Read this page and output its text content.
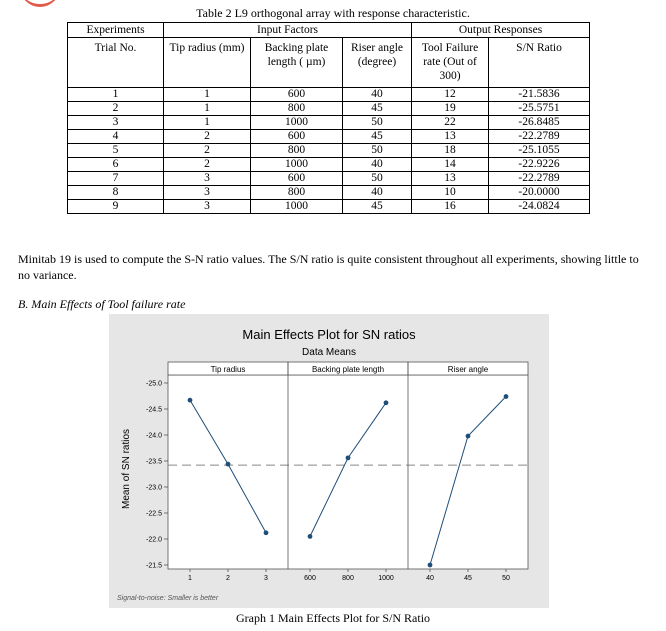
Table 2 L9 orthogonal array with response characteristic.
Experiments	Input Factors			Output Responses	
Trial No.	Tip radius (mm)	Backing plate length ( µm)	Riser angle (degree)	Tool Failure rate (Out of 300)	S/N Ratio
1	1	600	40	12	-21.5836
2	1	800	45	19	-25.5751
3	1	1000	50	22	-26.8485
4	2	600	45	13	-22.2789
5	2	800	50	18	-25.1055
6	2	1000	40	14	-22.9226
7	3	600	50	13	-22.2789
8	3	800	40	10	-20.0000
9	3	1000	45	16	-24.0824
Minitab 19 is used to compute the S-N ratio values. The S/N ratio is quite consistent throughout all experiments, showing little to no variance.
B. Main Effects of Tool failure rate
Main Effects Plot for SN ratios
Data Means
Mean of SN ratios
Signal-to-noise: Smaller is better
-21.5
-22.0
-22.5
-23.0
-23.5
-24.0
-24.5
-25.0
Tip radius
1	2	3
Backing plate length
600	800	1000
Riser angle
40	45	50
Graph 1 Main Effects Plot for S/N Ratio
